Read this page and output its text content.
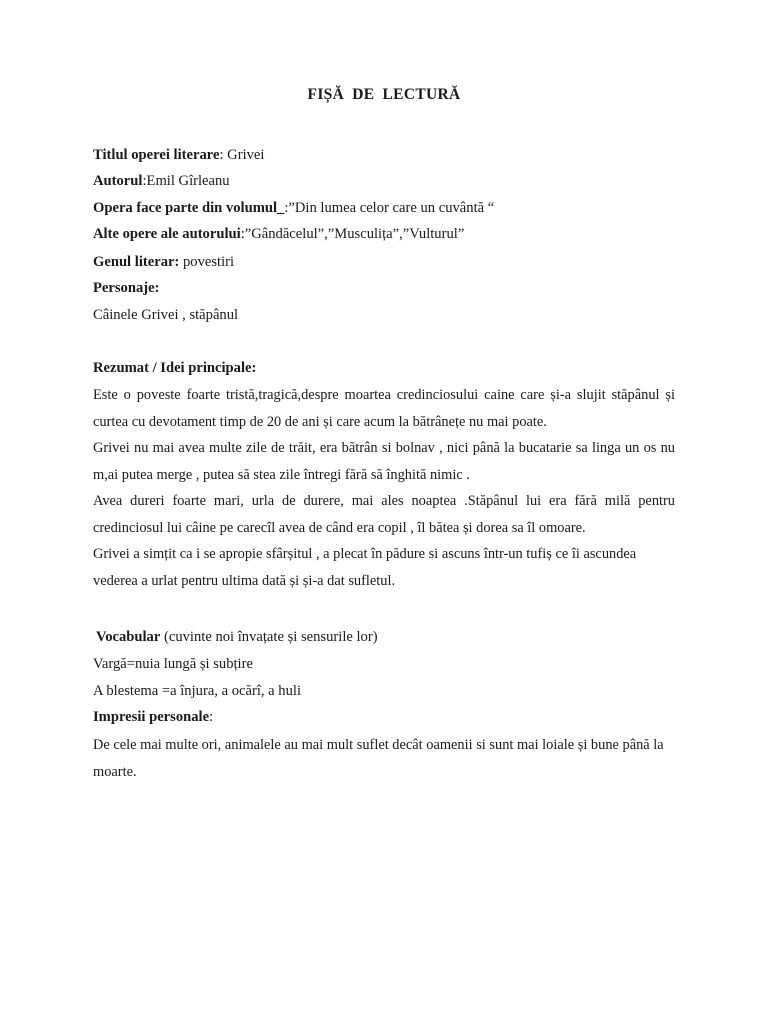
FIȘĂ DE LECTURĂ
Titlul operei literare: Grivei
Autorul:Emil Gîrleanu
Opera face parte din volumul_:”Din lumea celor care un cuvântă “
Alte opere ale autorului:”Gândăcelul”,”Musculița”,”Vulturul”
Genul literar: povestiri
Personaje:
Câinele Grivei , stăpânul
Rezumat / Idei principale:

Este o poveste foarte tristă,tragică,despre moartea credinciosului caine care și-a slujit stăpânul și curtea cu devotament timp de 20 de ani și care acum la bătrânețe nu mai poate.

Grivei nu mai avea multe zile de trăit, era bătrân si bolnav , nici până la bucatarie sa linga un os nu m,ai putea merge , putea să stea zile întregi fără să înghită nimic .

Avea dureri foarte mari, urla de durere, mai ales noaptea .Stăpânul lui era fără milă pentru credinciosul lui câine pe carecîl avea de când era copil , îl bătea și dorea sa îl omoare.

Grivei a simțit ca i se apropie sfârșitul , a plecat în pădure si ascuns într-un tufiș ce îi ascundea vederea a urlat pentru ultima dată și și-a dat sufletul.

Vocabular (cuvinte noi învațate și sensurile lor)
Vargă=nuia lungă și subțire
A blestema =a înjura, a ocărî, a huli
Impresii personale:

De cele mai multe ori, animalele au mai mult suflet decât oamenii si sunt mai loiale și bune până la moarte.
